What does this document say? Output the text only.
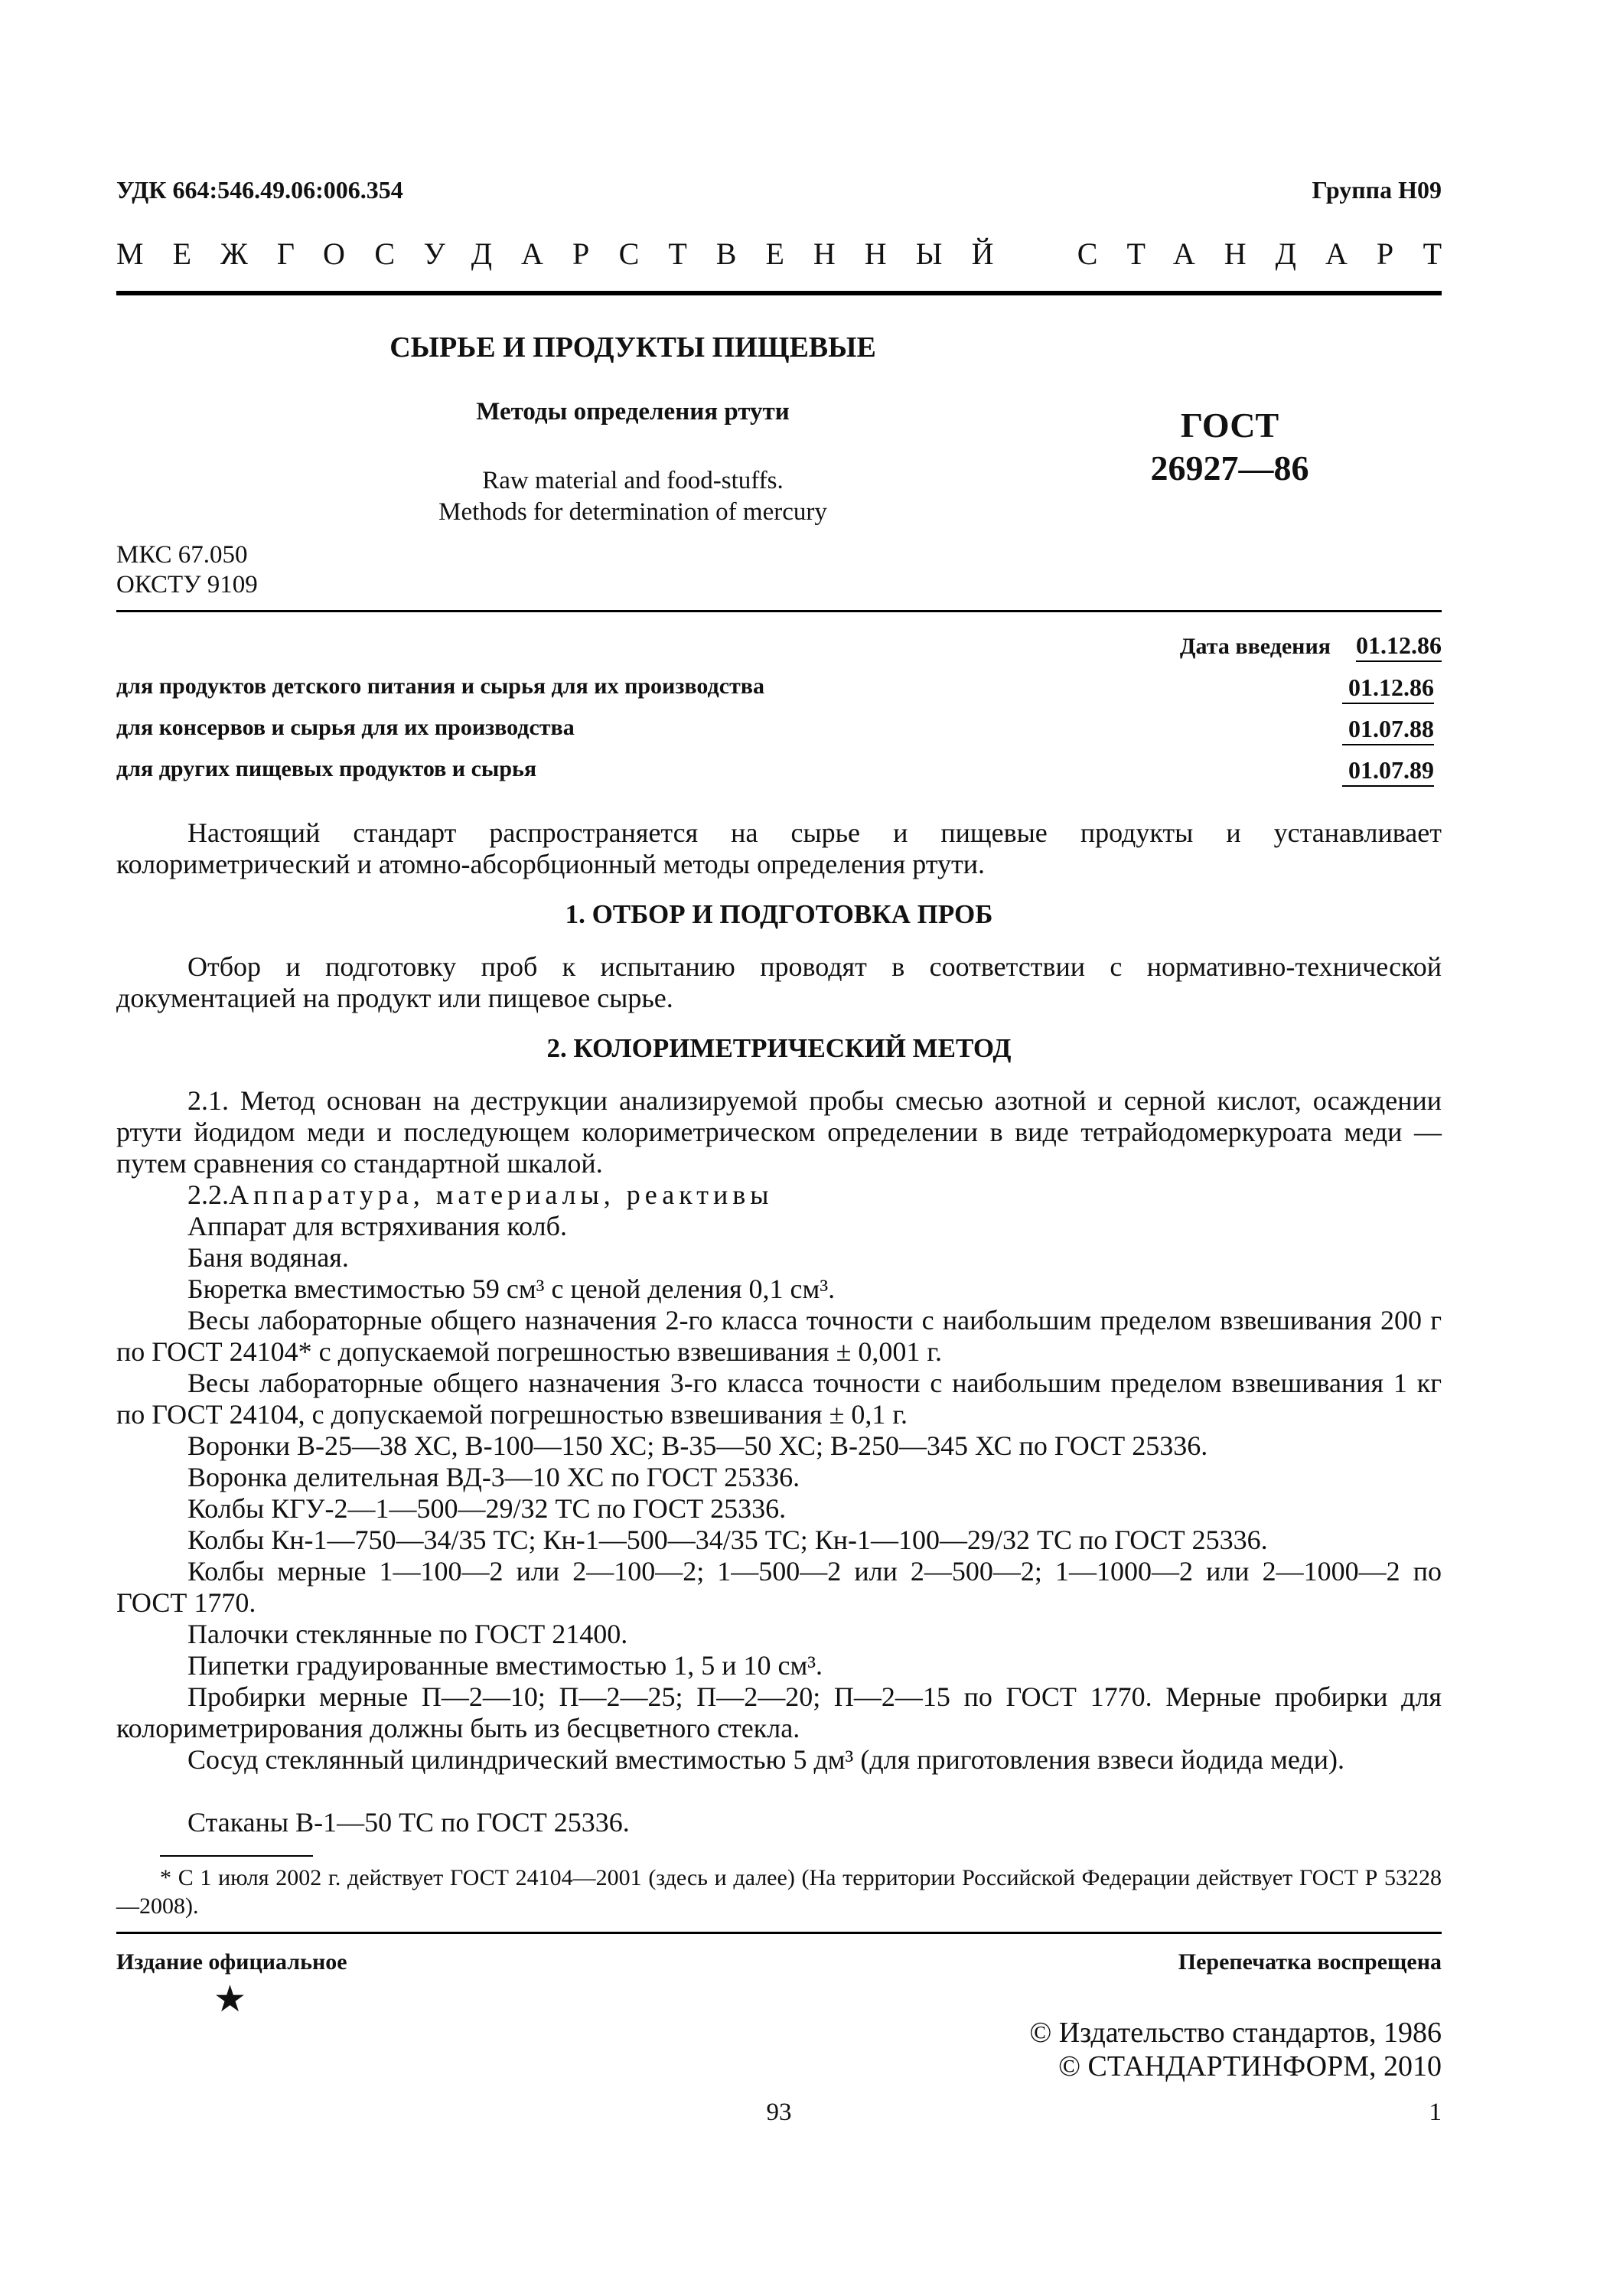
УДК 664:546.49.06:006.354	Группа Н09
МЕЖГОСУДАРСТВЕННЫЙ СТАНДАРТ
СЫРЬЕ И ПРОДУКТЫ ПИЩЕВЫЕ
Методы определения ртути
Raw material and food-stuffs.
Methods for determination of mercury
ГОСТ
26927—86
МКС 67.050
ОКСТУ 9109
Дата введения 01.12.86
для продуктов детского питания и сырья для их производства	01.12.86
для консервов и сырья для их производства	01.07.88
для других пищевых продуктов и сырья	01.07.89
Настоящий стандарт распространяется на сырье и пищевые продукты и устанавливает колориметрический и атомно-абсорбционный методы определения ртути.
1. ОТБОР И ПОДГОТОВКА ПРОБ
Отбор и подготовку проб к испытанию проводят в соответствии с нормативно-технической документацией на продукт или пищевое сырье.
2. КОЛОРИМЕТРИЧЕСКИЙ МЕТОД
2.1. Метод основан на деструкции анализируемой пробы смесью азотной и серной кислот, осаждении ртути йодидом меди и последующем колориметрическом определении в виде тетрайодомеркуроата меди — путем сравнения со стандартной шкалой.
2.2.Аппаратура, материалы, реактивы
Аппарат для встряхивания колб.
Баня водяная.
Бюретка вместимостью 59 см³ с ценой деления 0,1 см³.
Весы лабораторные общего назначения 2-го класса точности с наибольшим пределом взвешивания 200 г по ГОСТ 24104* с допускаемой погрешностью взвешивания ± 0,001 г.
Весы лабораторные общего назначения 3-го класса точности с наибольшим пределом взвешивания 1 кг по ГОСТ 24104, с допускаемой погрешностью взвешивания ± 0,1 г.
Воронки В-25—38 ХС, В-100—150 ХС; В-35—50 ХС; В-250—345 ХС по ГОСТ 25336.
Воронка делительная ВД-3—10 ХС по ГОСТ 25336.
Колбы КГУ-2—1—500—29/32 ТС по ГОСТ 25336.
Колбы Кн-1—750—34/35 ТС; Кн-1—500—34/35 ТС; Кн-1—100—29/32 ТС по ГОСТ 25336.
Колбы мерные 1—100—2 или 2—100—2; 1—500—2 или 2—500—2; 1—1000—2 или 2—1000—2 по ГОСТ 1770.
Палочки стеклянные по ГОСТ 21400.
Пипетки градуированные вместимостью 1, 5 и 10 см³.
Пробирки мерные П—2—10; П—2—25; П—2—20; П—2—15 по ГОСТ 1770. Мерные пробирки для колориметрирования должны быть из бесцветного стекла.
Сосуд стеклянный цилиндрический вместимостью 5 дм³ (для приготовления взвеси йодида меди).
Стаканы В-1—50 ТС по ГОСТ 25336.
* С 1 июля 2002 г. действует ГОСТ 24104—2001 (здесь и далее) (На территории Российской Федерации действует ГОСТ Р 53228—2008).
Издание официальное	Перепечатка воспрещена
★
© Издательство стандартов, 1986
© СТАНДАРТИНФОРМ, 2010
93	1
